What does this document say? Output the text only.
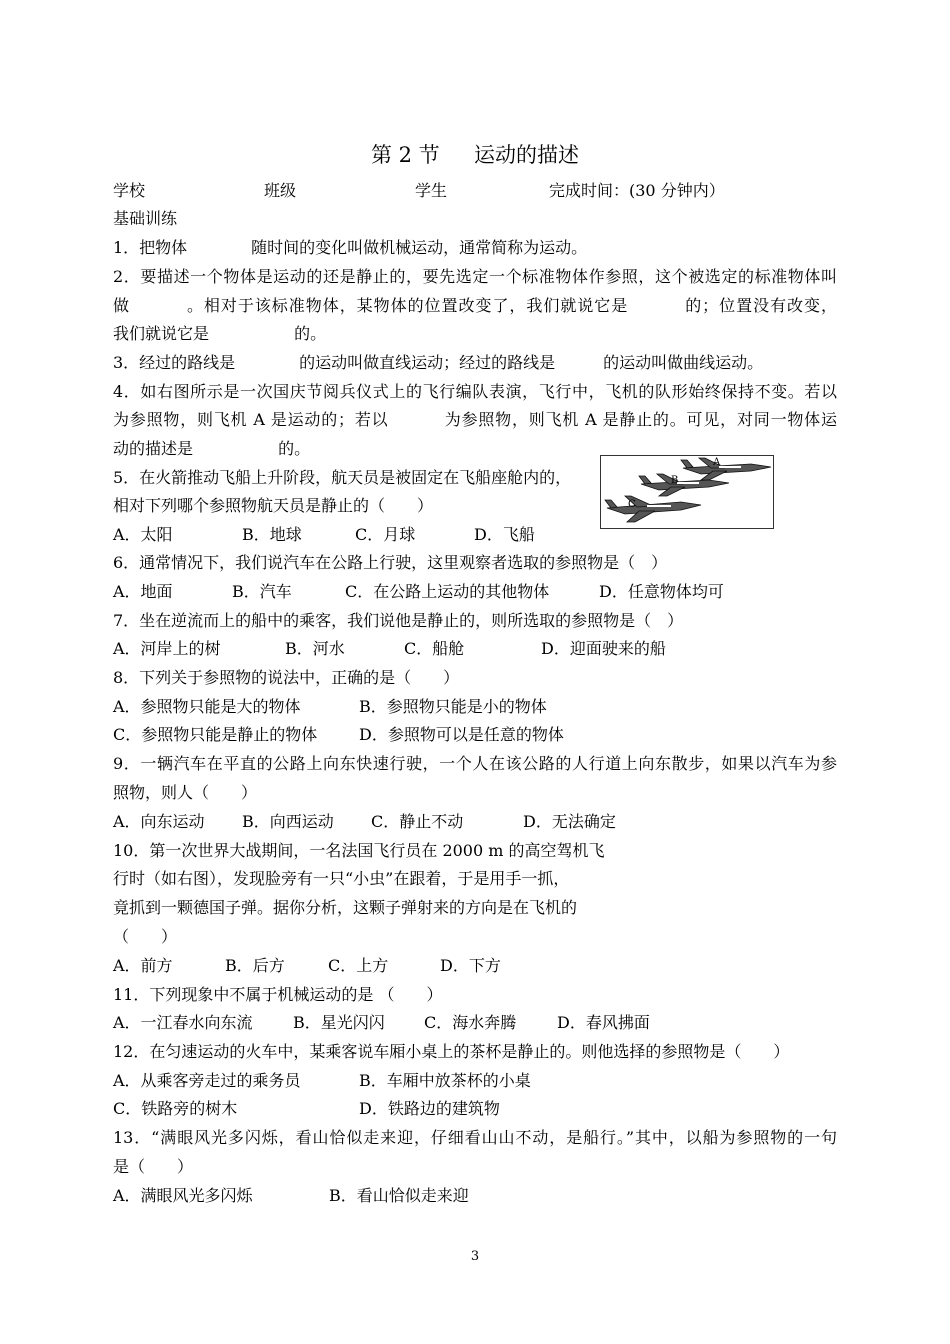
第 2 节　  运动的描述
学校	班级	学生	完成时间：(30 分钟内）
基础训练
1．把物体　　　　随时间的变化叫做机械运动，通常简称为运动。
2．要描述一个物体是运动的还是静止的，要先选定一个标准物体作参照，这个被选定的标准物体叫
做　　　 。相对于该标准物体，某物体的位置改变了，我们就说它是　　　 的；位置没有改变，
我们就说它是　　　　　 的。
3．经过的路线是　　　　的运动叫做直线运动；经过的路线是　　　的运动叫做曲线运动。
4．如右图所示是一次国庆节阅兵仪式上的飞行编队表演，飞行中，飞机的队形始终保持不变。若以
为参照物，则飞机 A 是运动的；若以　　　 为参照物，则飞机 A 是静止的。可见，对同一物体运
动的描述是　　　　　 的。
A
B
C
5．在火箭推动飞船上升阶段，航天员是被固定在飞船座舱内的，
相对下列哪个参照物航天员是静止的（　　）
A．太阳	B．地球	C．月球	D．飞船
6．通常情况下，我们说汽车在公路上行驶，这里观察者选取的参照物是（　）
A．地面	B．汽车	C．在公路上运动的其他物体	D．任意物体均可
7．坐在逆流而上的船中的乘客，我们说他是静止的，则所选取的参照物是（　）
A．河岸上的树	B．河水	C．船舱	D．迎面驶来的船
8．下列关于参照物的说法中，正确的是（　　）
A．参照物只能是大的物体	B．参照物只能是小的物体
C．参照物只能是静止的物体	D．参照物可以是任意的物体
9．一辆汽车在平直的公路上向东快速行驶，一个人在该公路的人行道上向东散步，如果以汽车为参
照物，则人（　　）
A．向东运动 B．向西运动 C．静止不动	D．无法确定
10．第一次世界大战期间，一名法国飞行员在 2000 m 的高空驾机飞
行时（如右图），发现脸旁有一只“小虫”在跟着，于是用手一抓，
竟抓到一颗德国子弹。据你分析，这颗子弹射来的方向是在飞机的
（　　）
A．前方	B．后方	C．上方	D．下方
11．下列现象中不属于机械运动的是 （　　）
A．一江春水向东流	B．星光闪闪 C．海水奔腾	D．春风拂面
12．在匀速运动的火车中，某乘客说车厢小桌上的茶杯是静止的。则他选择的参照物是（　　）
A．从乘客旁走过的乘务员	B．车厢中放茶杯的小桌
C．铁路旁的树木	D．铁路边的建筑物
13．“满眼风光多闪烁，看山恰似走来迎，仔细看山山不动，是船行。”其中，以船为参照物的一句
是（　　）
A．满眼风光多闪烁	B．看山恰似走来迎
3
